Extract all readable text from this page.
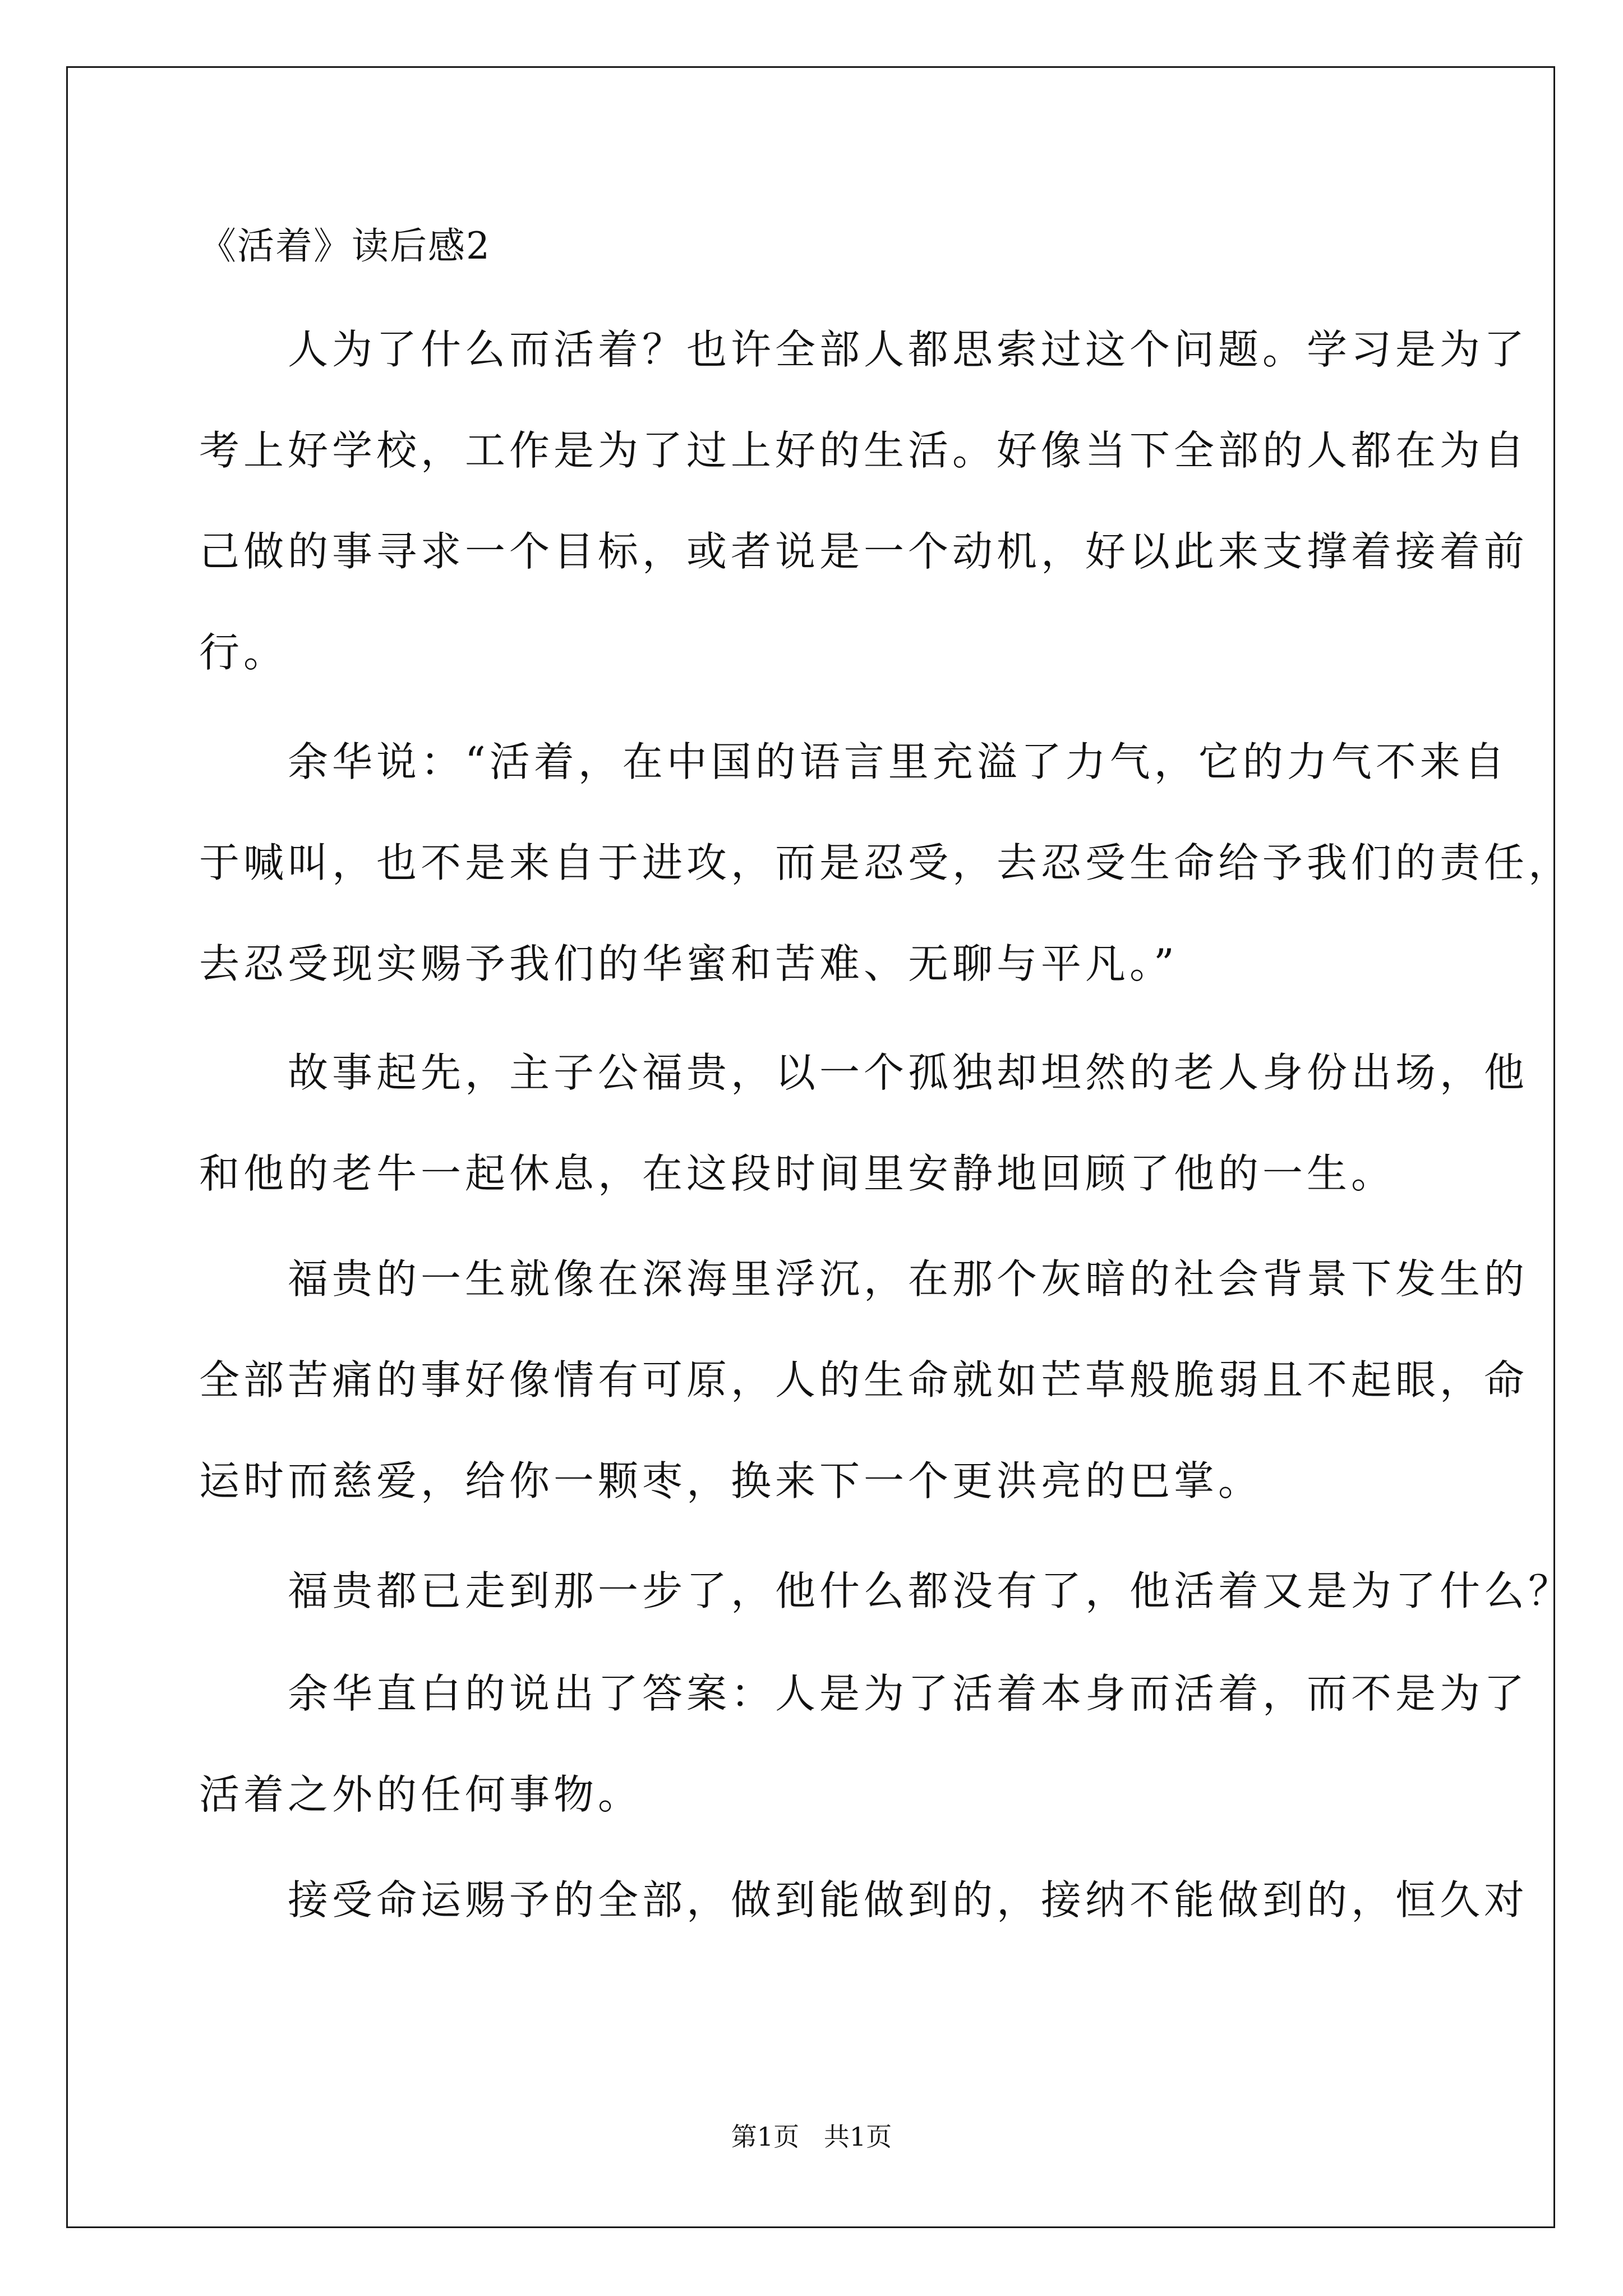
《活着》读后感2
　　人为了什么而活着？也许全部人都思索过这个问题。学习是为了
考上好学校，工作是为了过上好的生活。好像当下全部的人都在为自
己做的事寻求一个目标，或者说是一个动机，好以此来支撑着接着前
行。
　　余华说：“活着，在中国的语言里充溢了力气，它的力气不来自
于喊叫，也不是来自于进攻，而是忍受，去忍受生命给予我们的责任，
去忍受现实赐予我们的华蜜和苦难、无聊与平凡。”
　　故事起先，主子公福贵，以一个孤独却坦然的老人身份出场，他
和他的老牛一起休息，在这段时间里安静地回顾了他的一生。
　　福贵的一生就像在深海里浮沉，在那个灰暗的社会背景下发生的
全部苦痛的事好像情有可原，人的生命就如芒草般脆弱且不起眼，命
运时而慈爱，给你一颗枣，换来下一个更洪亮的巴掌。
　　福贵都已走到那一步了，他什么都没有了，他活着又是为了什么？
　　余华直白的说出了答案：人是为了活着本身而活着，而不是为了
活着之外的任何事物。
　　接受命运赐予的全部，做到能做到的，接纳不能做到的，恒久对
第1页   共1页
